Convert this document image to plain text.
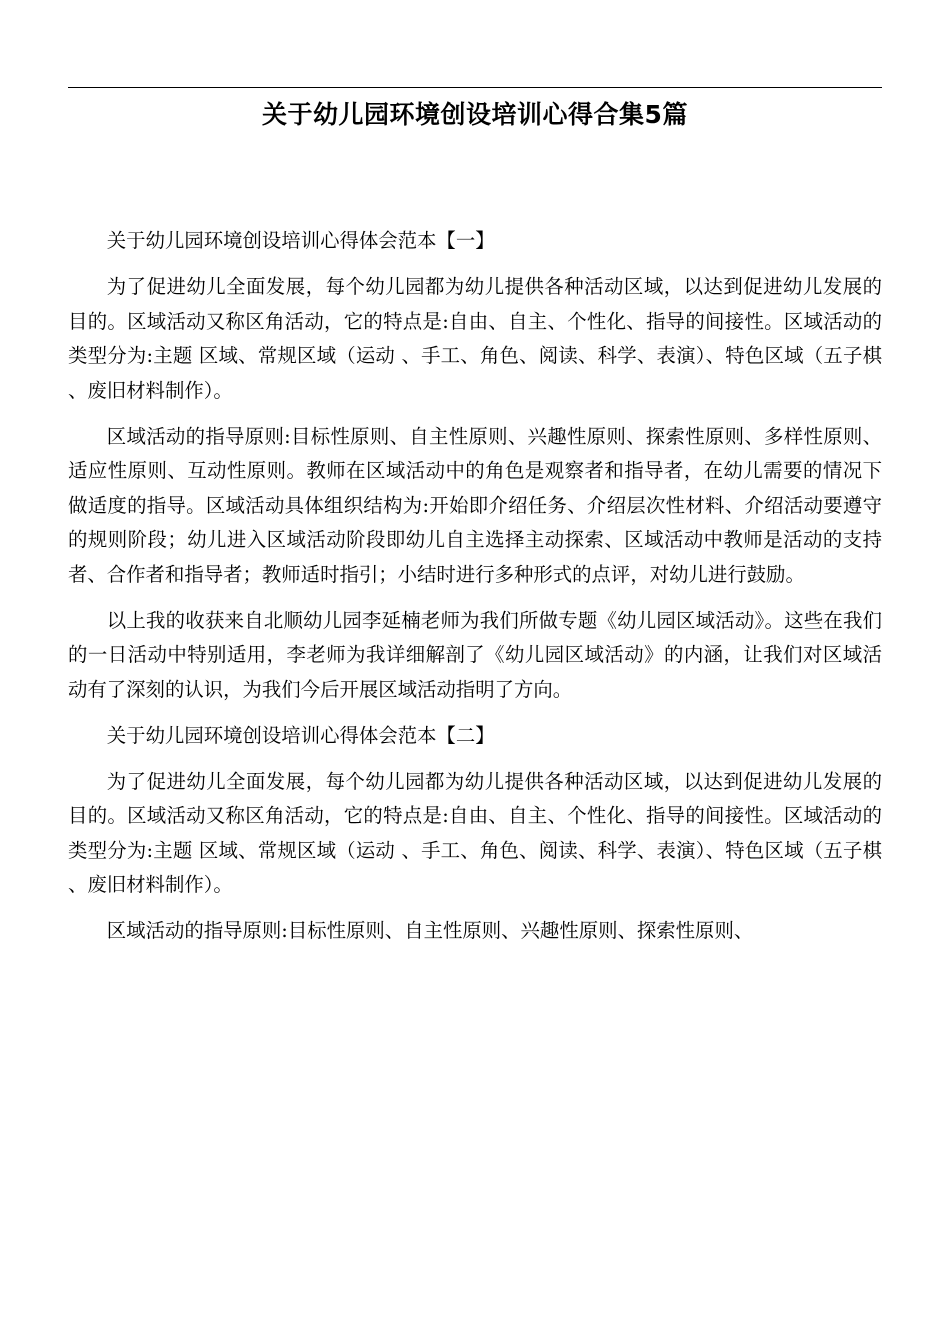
关于幼儿园环境创设培训心得合集5篇

关于幼儿园环境创设培训心得体会范本【一】

为了促进幼儿全面发展，每个幼儿园都为幼儿提供各种活动区域，以达到促进幼儿发展的目的。区域活动又称区角活动，它的特点是:自由、自主、个性化、指导的间接性。区域活动的类型分为:主题 区域、常规区域（运动 、手工、角色、阅读、科学、表演）、特色区域（五子棋、废旧材料制作）。

区域活动的指导原则:目标性原则、自主性原则、兴趣性原则、探索性原则、多样性原则、适应性原则、互动性原则。教师在区域活动中的角色是观察者和指导者，在幼儿需要的情况下做适度的指导。区域活动具体组织结构为:开始即介绍任务、介绍层次性材料、介绍活动要遵守的规则阶段；幼儿进入区域活动阶段即幼儿自主选择主动探索、区域活动中教师是活动的支持者、合作者和指导者；教师适时指引；小结时进行多种形式的点评，对幼儿进行鼓励。

以上我的收获来自北顺幼儿园李延楠老师为我们所做专题《幼儿园区域活动》。这些在我们的一日活动中特别适用，李老师为我详细解剖了《幼儿园区域活动》的内涵，让我们对区域活动有了深刻的认识，为我们今后开展区域活动指明了方向。

关于幼儿园环境创设培训心得体会范本【二】

为了促进幼儿全面发展，每个幼儿园都为幼儿提供各种活动区域，以达到促进幼儿发展的目的。区域活动又称区角活动，它的特点是:自由、自主、个性化、指导的间接性。区域活动的类型分为:主题 区域、常规区域（运动 、手工、角色、阅读、科学、表演）、特色区域（五子棋、废旧材料制作）。

区域活动的指导原则:目标性原则、自主性原则、兴趣性原则、探索性原则、
